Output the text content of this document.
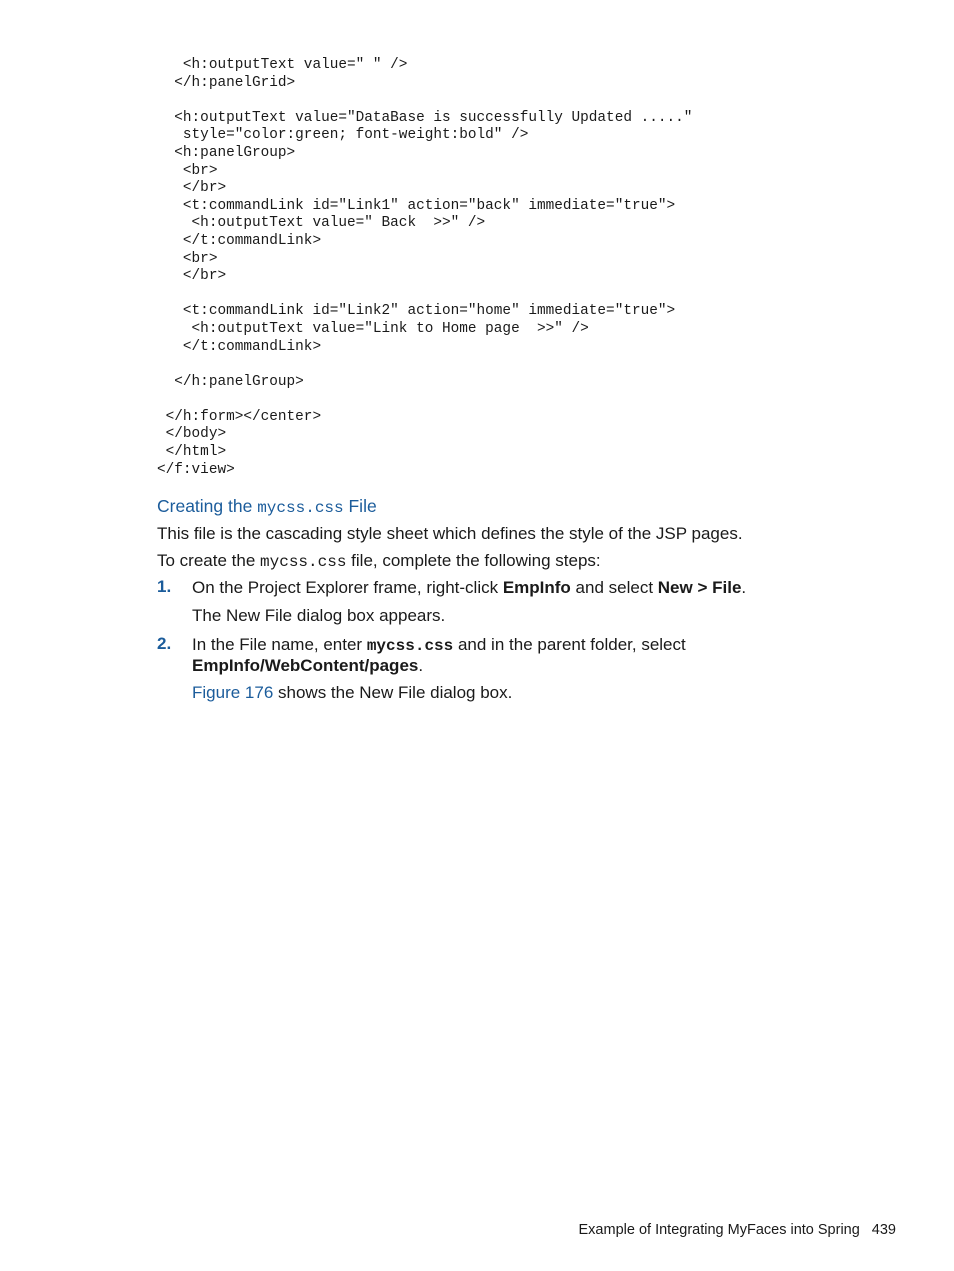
<h:outputText value=" " />
</h:panelGrid>
<h:outputText value="DataBase is successfully Updated ....."
style="color:green; font-weight:bold" />
<h:panelGroup>
<br>
</br>
<t:commandLink id="Link1" action="back" immediate="true">
<h:outputText value=" Back  >>" />
</t:commandLink>
<br>
</br>
<t:commandLink id="Link2" action="home" immediate="true">
<h:outputText value="Link to Home page  >>" />
</t:commandLink>
</h:panelGroup>
</h:form></center>
</body>
</html>
</f:view>
Creating the mycss.css File
This file is the cascading style sheet which defines the style of the JSP pages.
To create the mycss.css file, complete the following steps:
1. On the Project Explorer frame, right-click EmpInfo and select New > File.
The New File dialog box appears.
2. In the File name, enter mycss.css and in the parent folder, select
EmpInfo/WebContent/pages.
Figure 176 shows the New File dialog box.
Example of Integrating MyFaces into Spring 439
